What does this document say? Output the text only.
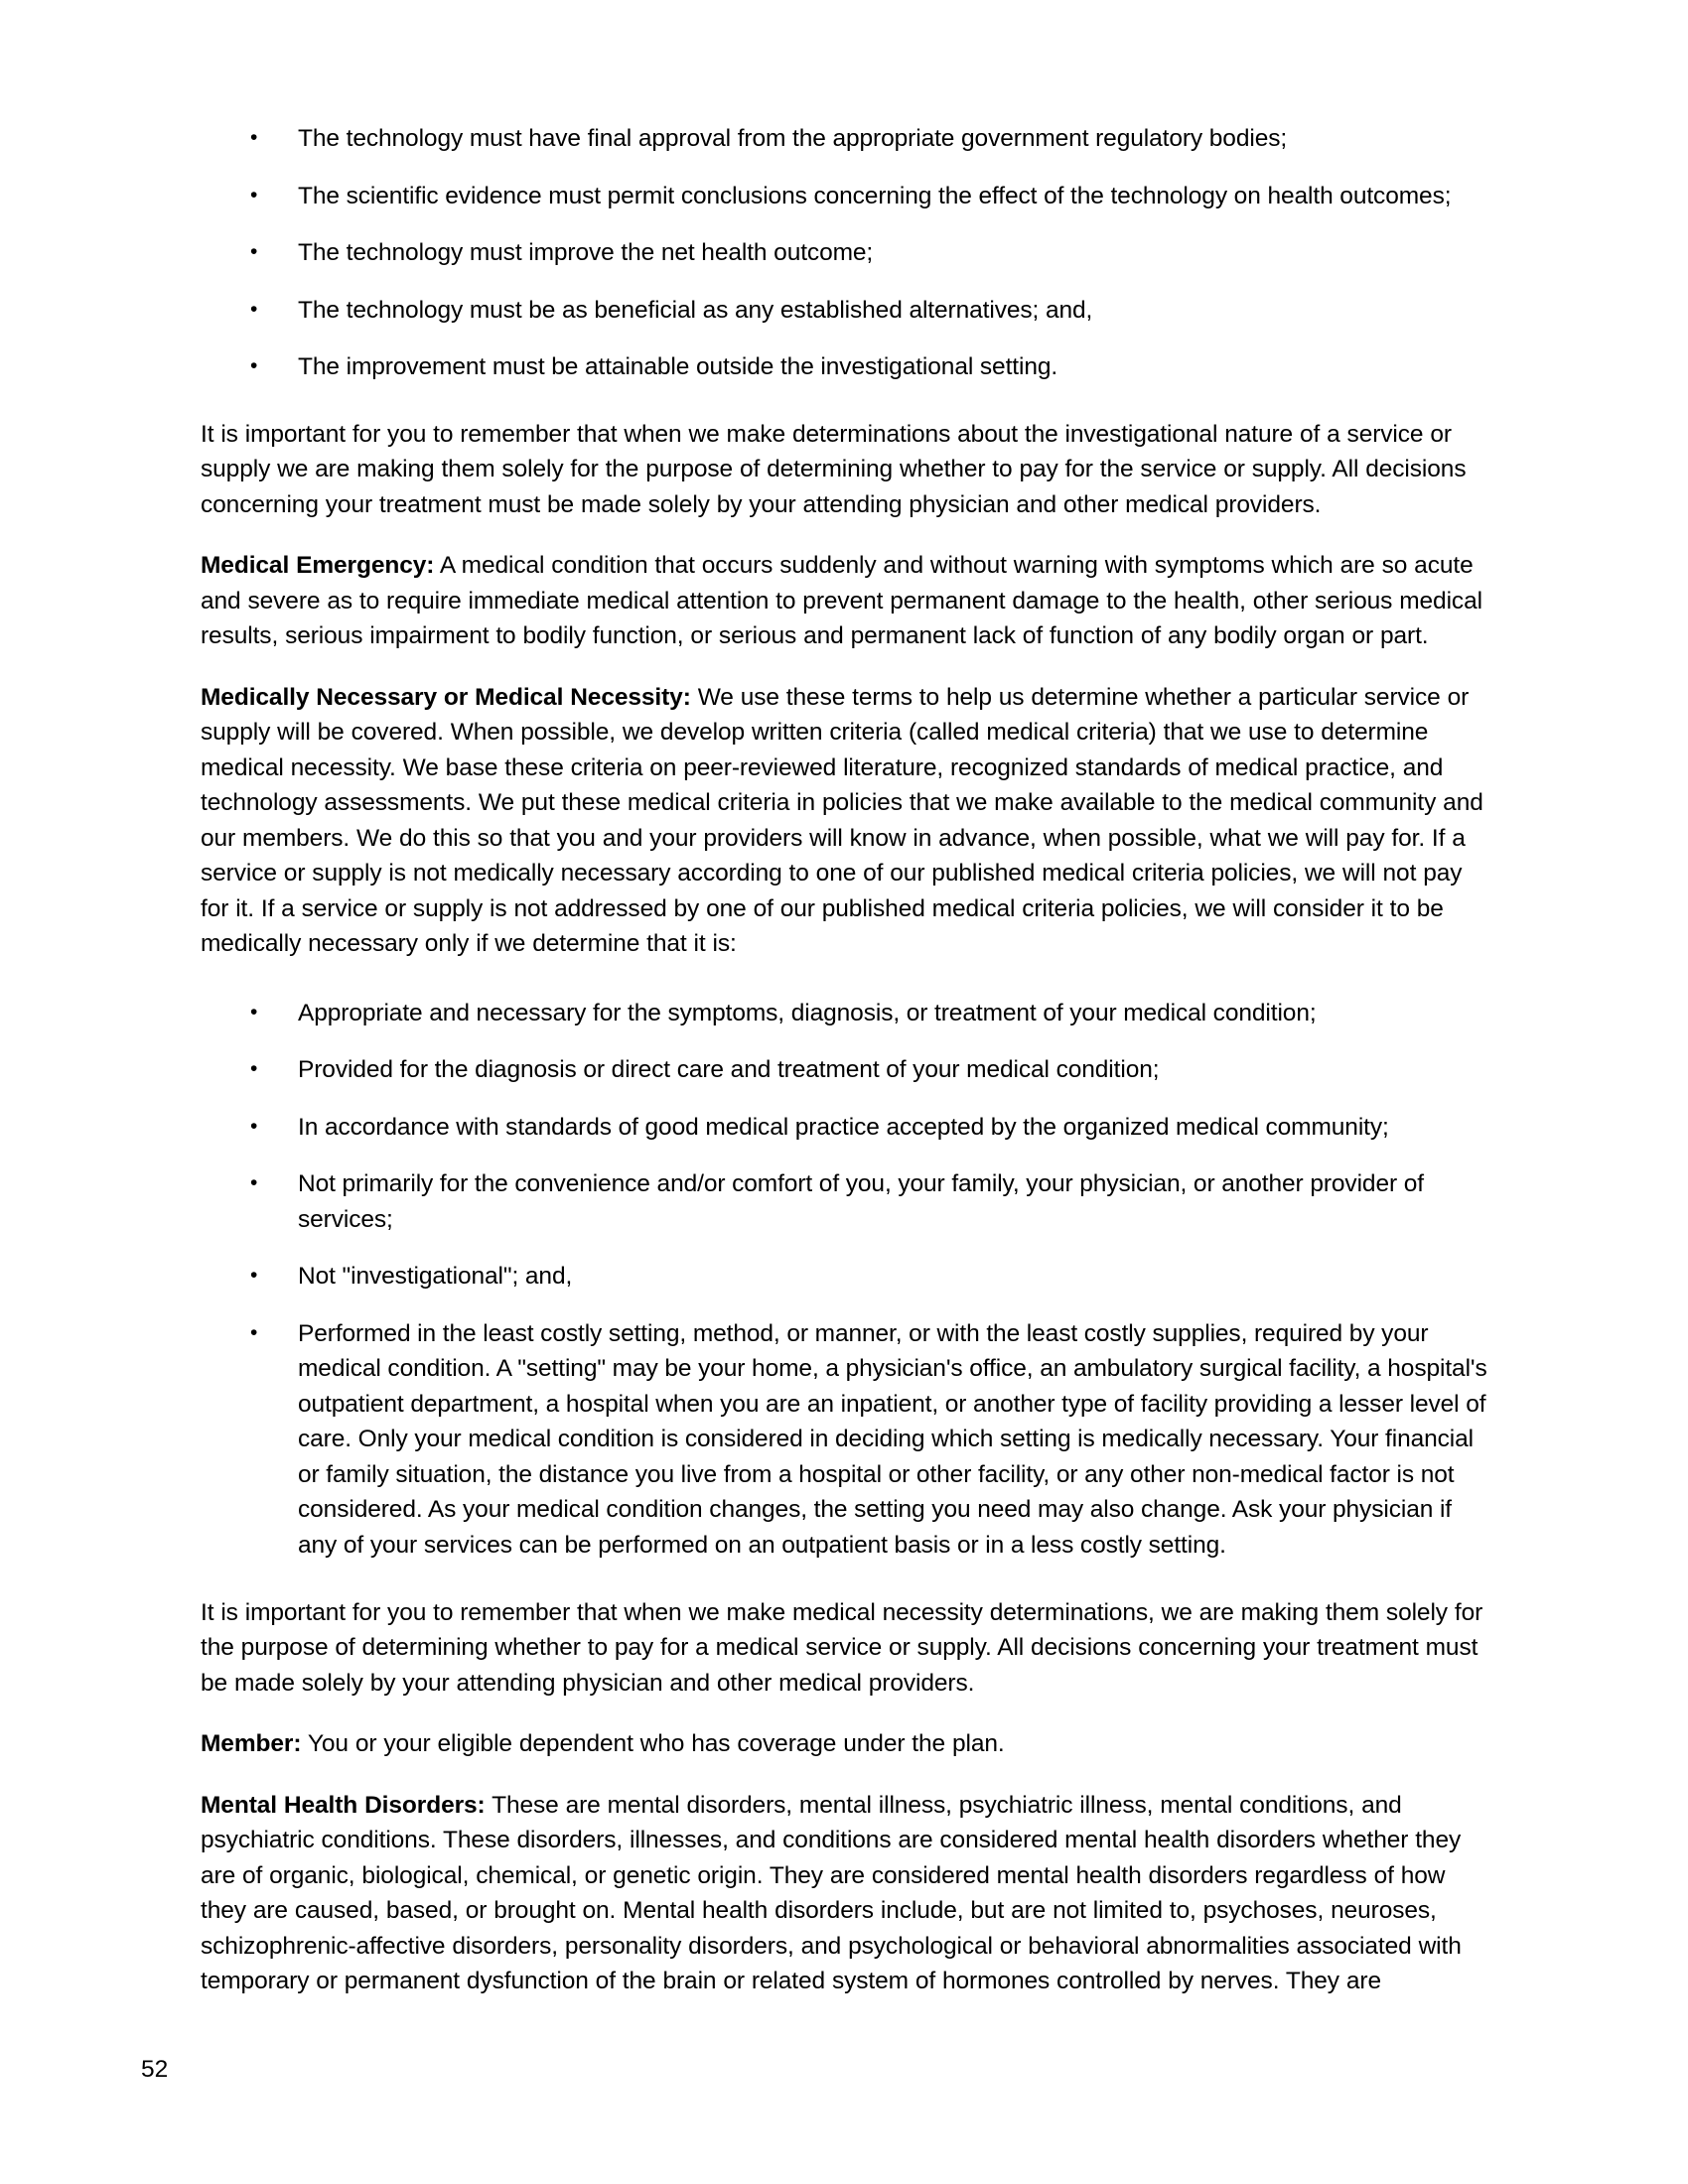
• The technology must have final approval from the appropriate government regulatory bodies;
• The scientific evidence must permit conclusions concerning the effect of the technology on health outcomes;
• The technology must improve the net health outcome;
• The technology must be as beneficial as any established alternatives; and,
• The improvement must be attainable outside the investigational setting.

It is important for you to remember that when we make determinations about the investigational nature of a service or supply we are making them solely for the purpose of determining whether to pay for the service or supply. All decisions concerning your treatment must be made solely by your attending physician and other medical providers.

Medical Emergency: A medical condition that occurs suddenly and without warning with symptoms which are so acute and severe as to require immediate medical attention to prevent permanent damage to the health, other serious medical results, serious impairment to bodily function, or serious and permanent lack of function of any bodily organ or part.

Medically Necessary or Medical Necessity: We use these terms to help us determine whether a particular service or supply will be covered. When possible, we develop written criteria (called medical criteria) that we use to determine medical necessity. We base these criteria on peer-reviewed literature, recognized standards of medical practice, and technology assessments. We put these medical criteria in policies that we make available to the medical community and our members. We do this so that you and your providers will know in advance, when possible, what we will pay for. If a service or supply is not medically necessary according to one of our published medical criteria policies, we will not pay for it. If a service or supply is not addressed by one of our published medical criteria policies, we will consider it to be medically necessary only if we determine that it is:

• Appropriate and necessary for the symptoms, diagnosis, or treatment of your medical condition;
• Provided for the diagnosis or direct care and treatment of your medical condition;
• In accordance with standards of good medical practice accepted by the organized medical community;
• Not primarily for the convenience and/or comfort of you, your family, your physician, or another provider of services;
• Not "investigational"; and,
• Performed in the least costly setting, method, or manner, or with the least costly supplies, required by your medical condition. A "setting" may be your home, a physician's office, an ambulatory surgical facility, a hospital's outpatient department, a hospital when you are an inpatient, or another type of facility providing a lesser level of care. Only your medical condition is considered in deciding which setting is medically necessary. Your financial or family situation, the distance you live from a hospital or other facility, or any other non-medical factor is not considered. As your medical condition changes, the setting you need may also change. Ask your physician if any of your services can be performed on an outpatient basis or in a less costly setting.

It is important for you to remember that when we make medical necessity determinations, we are making them solely for the purpose of determining whether to pay for a medical service or supply. All decisions concerning your treatment must be made solely by your attending physician and other medical providers.

Member: You or your eligible dependent who has coverage under the plan.

Mental Health Disorders: These are mental disorders, mental illness, psychiatric illness, mental conditions, and psychiatric conditions. These disorders, illnesses, and conditions are considered mental health disorders whether they are of organic, biological, chemical, or genetic origin. They are considered mental health disorders regardless of how they are caused, based, or brought on. Mental health disorders include, but are not limited to, psychoses, neuroses, schizophrenic-affective disorders, personality disorders, and psychological or behavioral abnormalities associated with temporary or permanent dysfunction of the brain or related system of hormones controlled by nerves. They are

52
